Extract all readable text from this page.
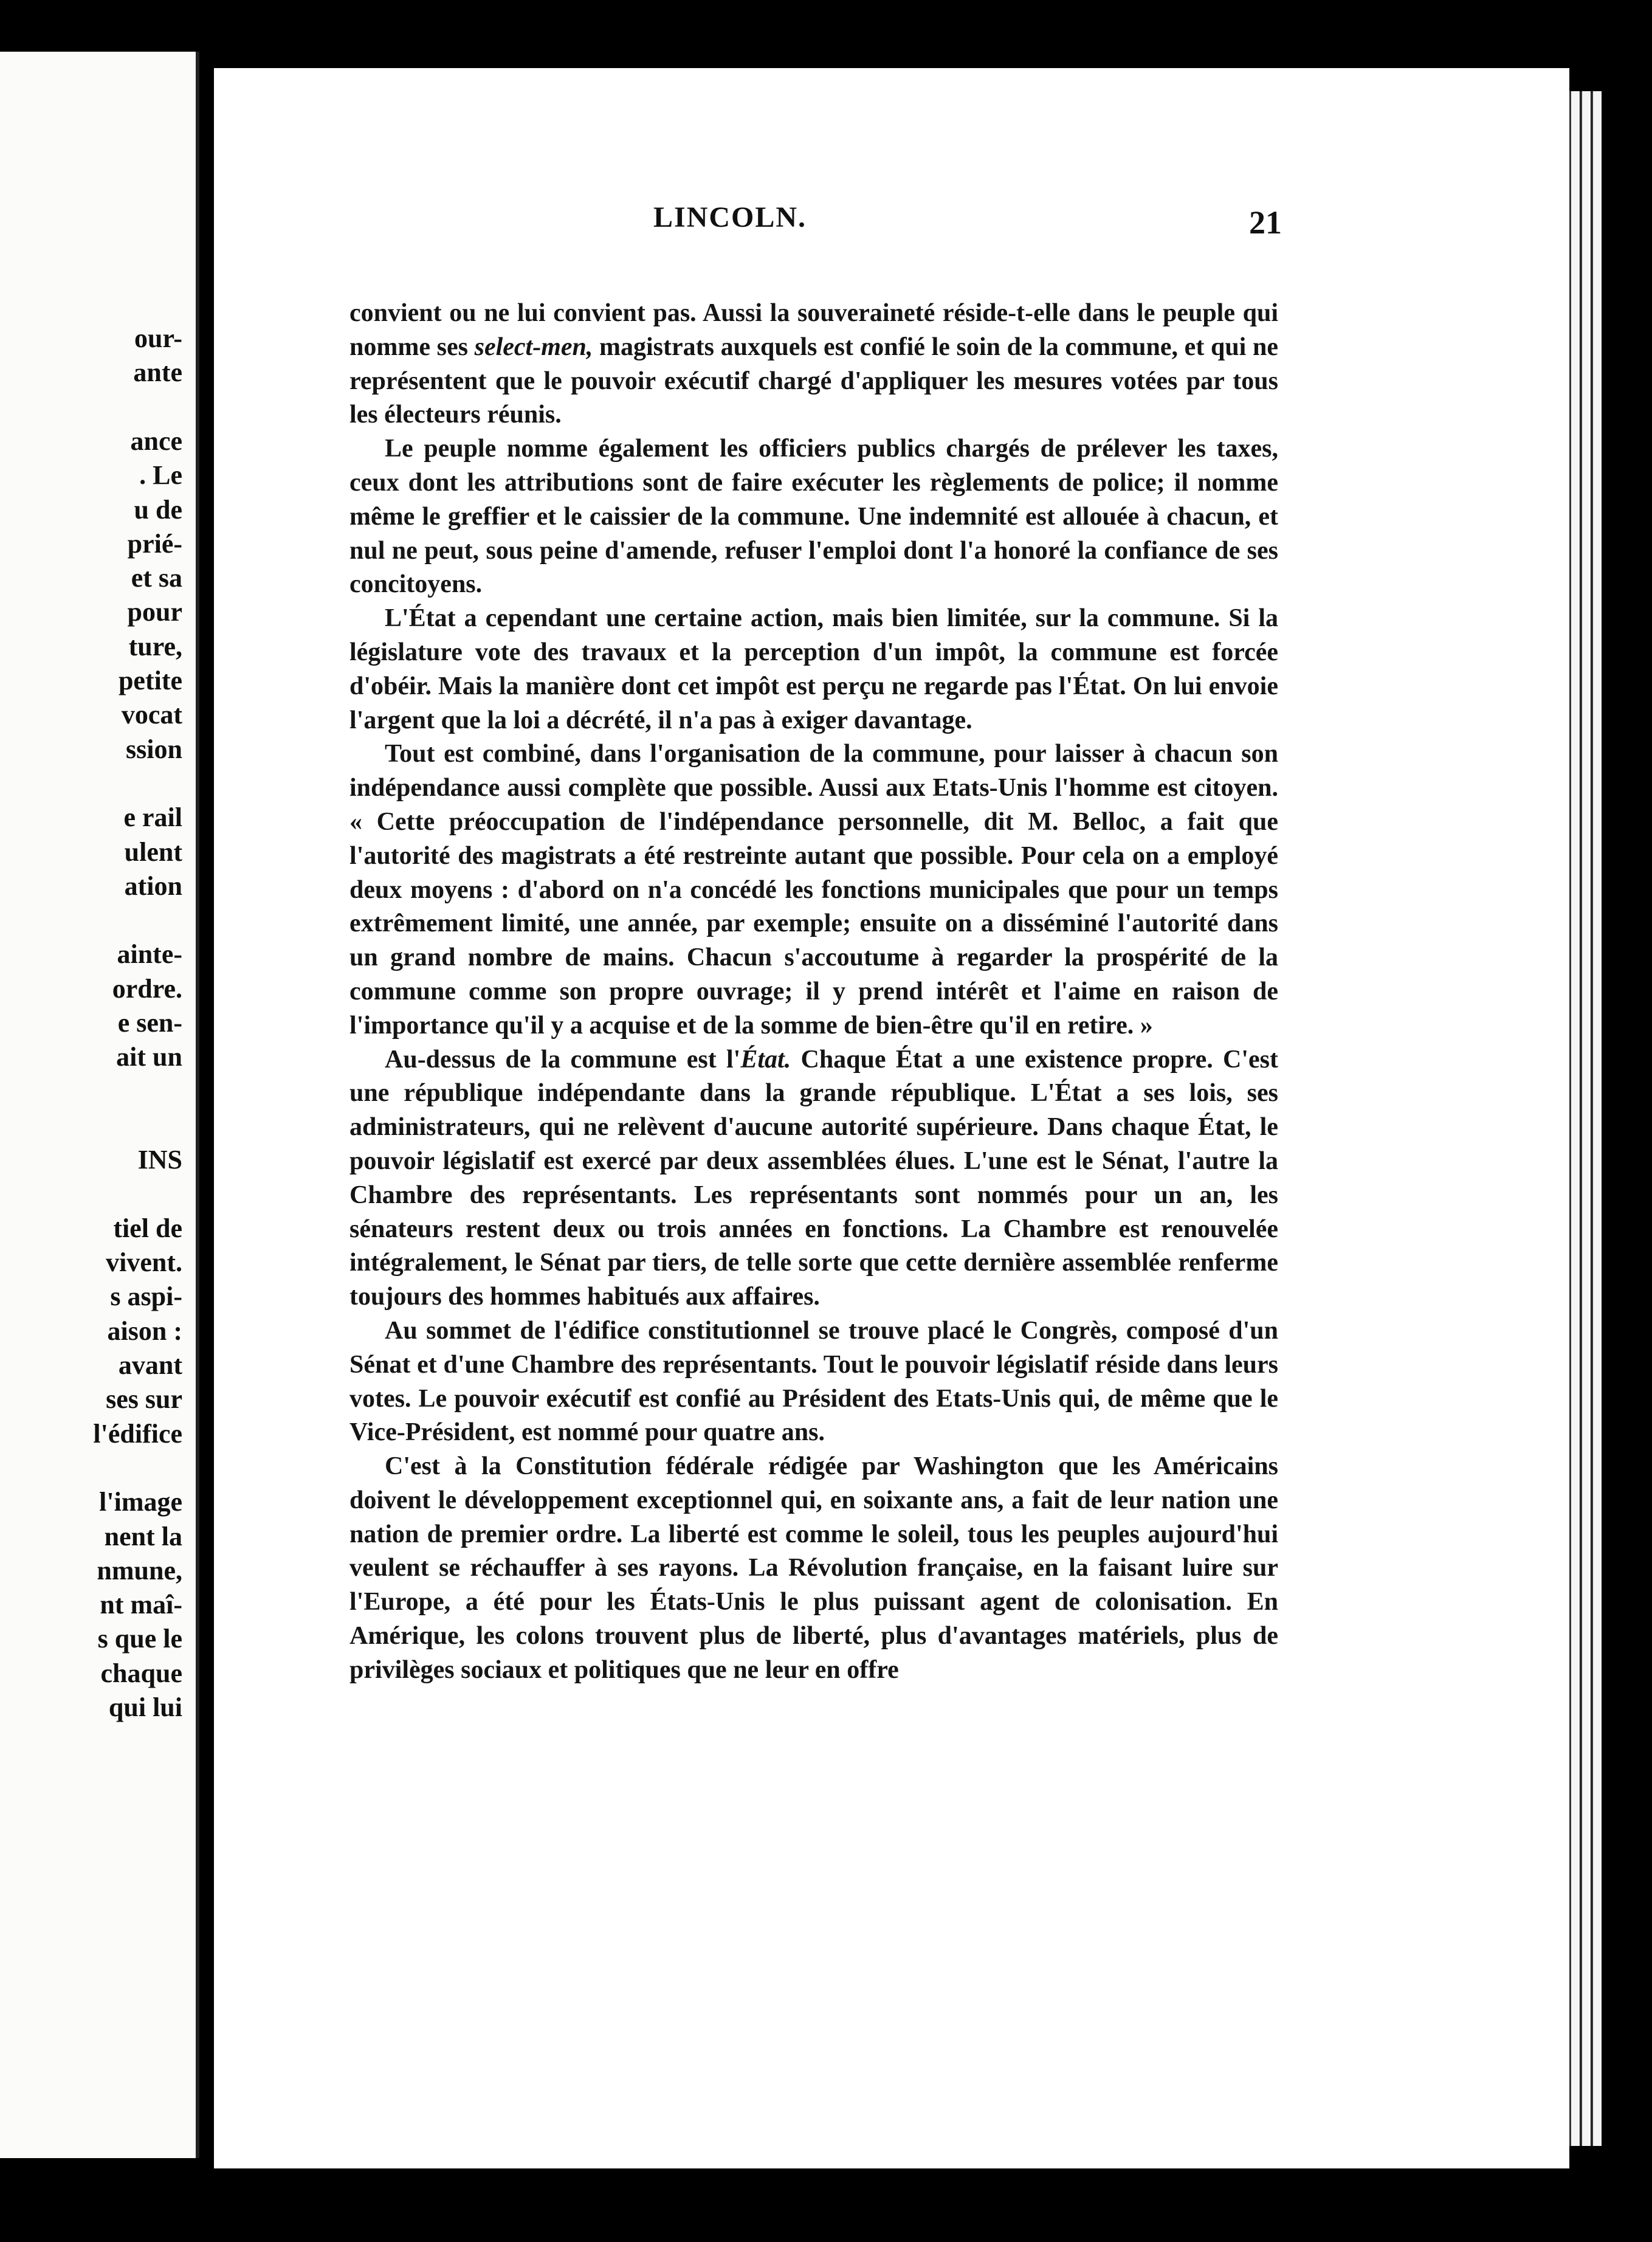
our-
ante
ance
. Le
u de
prié-
et sa
pour
ture,
petite
vocat
ssion
e rail
ulent
ation
ainte-
ordre.
e sen-
ait un
INS
tiel de
vivent.
s aspi-
aison :
avant
ses sur
l'édifice
l'image
nent la
nmune,
nt maî-
s que le
chaque
qui lui
LINCOLN.	21

convient ou ne lui convient pas. Aussi la souveraineté réside-t-elle dans le peuple qui nomme ses select-men, magistrats auxquels est confié le soin de la commune, et qui ne représentent que le pouvoir exécutif chargé d'appliquer les mesures votées par tous les électeurs réunis.

Le peuple nomme également les officiers publics chargés de prélever les taxes, ceux dont les attributions sont de faire exécuter les règlements de police; il nomme même le greffier et le caissier de la commune. Une indemnité est allouée à chacun, et nul ne peut, sous peine d'amende, refuser l'emploi dont l'a honoré la confiance de ses concitoyens.

L'État a cependant une certaine action, mais bien limitée, sur la commune. Si la législature vote des travaux et la perception d'un impôt, la commune est forcée d'obéir. Mais la manière dont cet impôt est perçu ne regarde pas l'État. On lui envoie l'argent que la loi a décrété, il n'a pas à exiger davantage.

Tout est combiné, dans l'organisation de la commune, pour laisser à chacun son indépendance aussi complète que possible. Aussi aux Etats-Unis l'homme est citoyen. « Cette préoccupation de l'indépendance personnelle, dit M. Belloc, a fait que l'autorité des magistrats a été restreinte autant que possible. Pour cela on a employé deux moyens : d'abord on n'a concédé les fonctions municipales que pour un temps extrêmement limité, une année, par exemple; ensuite on a disséminé l'autorité dans un grand nombre de mains. Chacun s'accoutume à regarder la prospérité de la commune comme son propre ouvrage; il y prend intérêt et l'aime en raison de l'importance qu'il y a acquise et de la somme de bien-être qu'il en retire. »

Au-dessus de la commune est l'État. Chaque État a une existence propre. C'est une république indépendante dans la grande république. L'État a ses lois, ses administrateurs, qui ne relèvent d'aucune autorité supérieure. Dans chaque État, le pouvoir législatif est exercé par deux assemblées élues. L'une est le Sénat, l'autre la Chambre des représentants. Les représentants sont nommés pour un an, les sénateurs restent deux ou trois années en fonctions. La Chambre est renouvelée intégralement, le Sénat par tiers, de telle sorte que cette dernière assemblée renferme toujours des hommes habitués aux affaires.

Au sommet de l'édifice constitutionnel se trouve placé le Congrès, composé d'un Sénat et d'une Chambre des représentants. Tout le pouvoir législatif réside dans leurs votes. Le pouvoir exécutif est confié au Président des Etats-Unis qui, de même que le Vice-Président, est nommé pour quatre ans.

C'est à la Constitution fédérale rédigée par Washington que les Américains doivent le développement exceptionnel qui, en soixante ans, a fait de leur nation une nation de premier ordre. La liberté est comme le soleil, tous les peuples aujourd'hui veulent se réchauffer à ses rayons. La Révolution française, en la faisant luire sur l'Europe, a été pour les États-Unis le plus puissant agent de colonisation. En Amérique, les colons trouvent plus de liberté, plus d'avantages matériels, plus de privilèges sociaux et politiques que ne leur en offre
